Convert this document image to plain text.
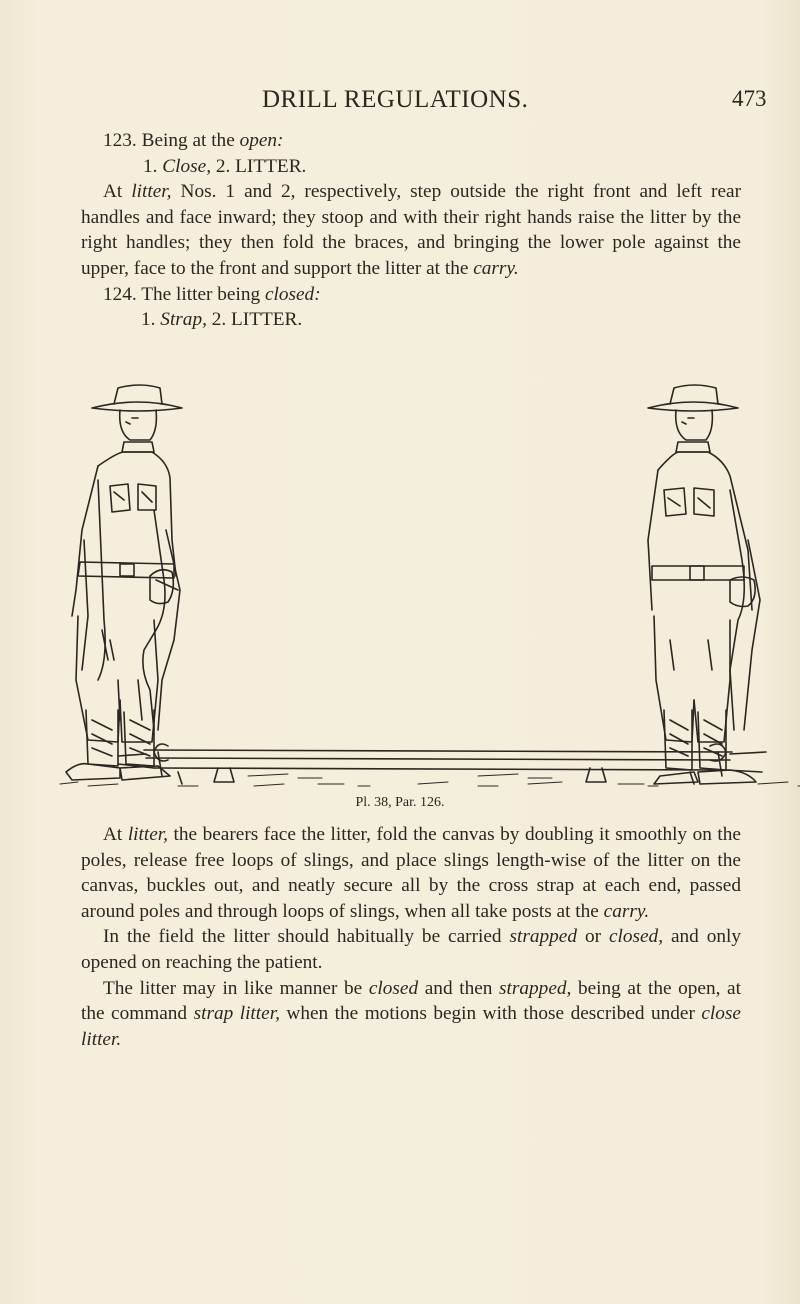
DRILL REGULATIONS.	473

123. Being at the open:

1. Close, 2. LITTER.

At litter, Nos. 1 and 2, respectively, step outside the right front and left rear handles and face inward; they stoop and with their right hands raise the litter by the right handles; they then fold the braces, and bringing the lower pole against the upper, face to the front and support the litter at the carry.

124. The litter being closed:

1. Strap, 2. LITTER.

Pl. 38, Par. 126.

At litter, the bearers face the litter, fold the canvas by doubling it smoothly on the poles, release free loops of slings, and place slings length-wise of the litter on the canvas, buckles out, and neatly secure all by the cross strap at each end, passed around poles and through loops of slings, when all take posts at the carry.

In the field the litter should habitually be carried strapped or closed, and only opened on reaching the patient.

The litter may in like manner be closed and then strapped, being at the open, at the command strap litter, when the motions begin with those described under close litter.
